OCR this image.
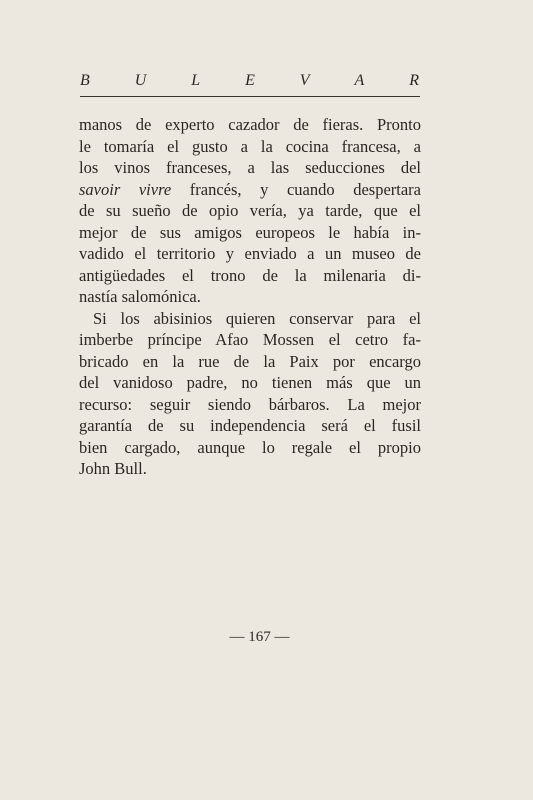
B	U	L	E	V	A	R
manos de experto cazador de fieras. Pronto
le tomaría el gusto a la cocina francesa, a
los vinos franceses, a las seducciones del
savoir vivre francés, y cuando despertara
de su sueño de opio vería, ya tarde, que el
mejor de sus amigos europeos le había in-
vadido el territorio y enviado a un museo de
antigüedades el trono de la milenaria di-
nastía salomónica.
Si los abisinios quieren conservar para el
imberbe príncipe Afao Mossen el cetro fa-
bricado en la rue de la Paix por encargo
del vanidoso padre, no tienen más que un
recurso: seguir siendo bárbaros. La mejor
garantía de su independencia será el fusil
bien cargado, aunque lo regale el propio
John Bull.
— 167 —
